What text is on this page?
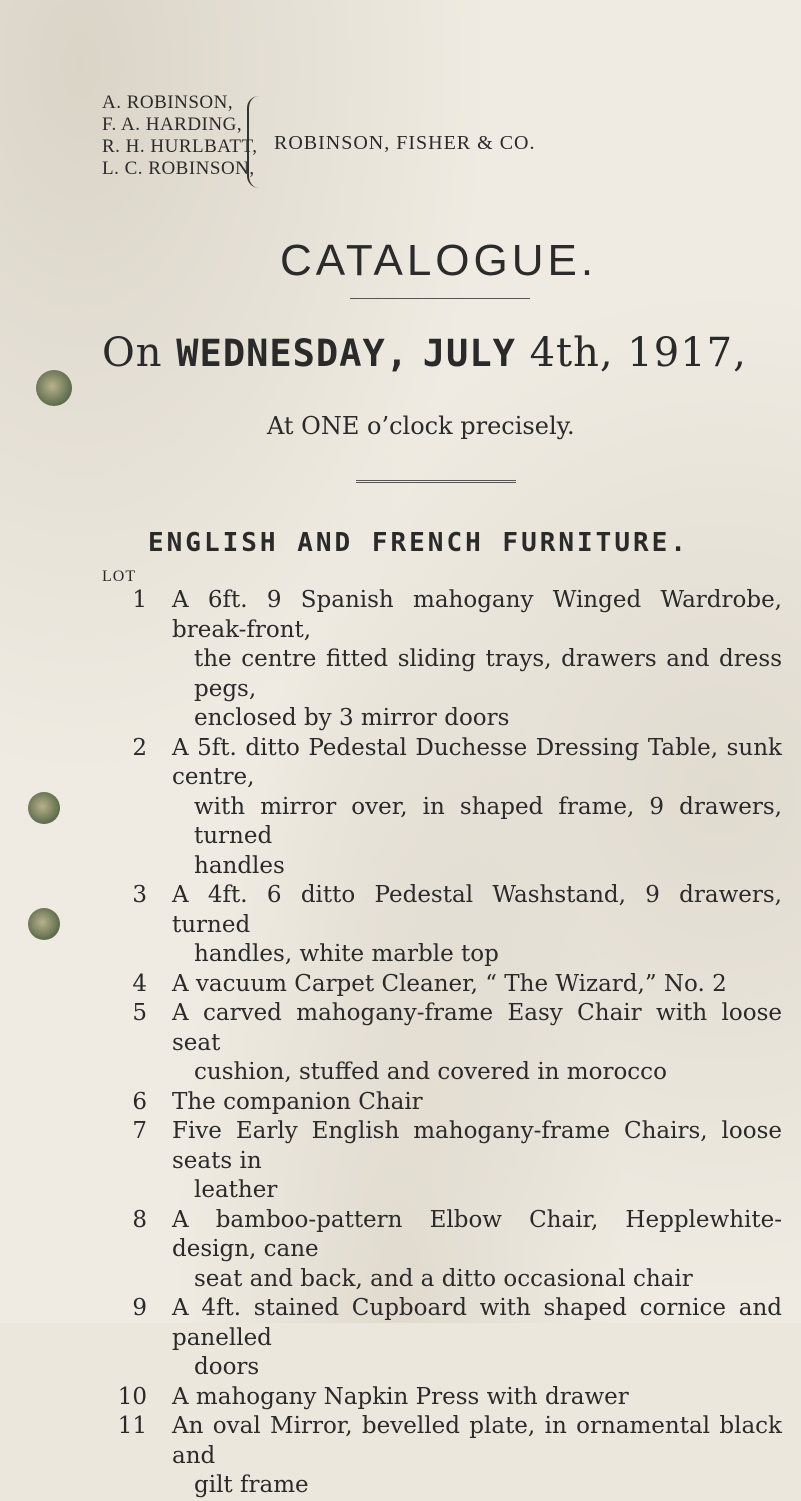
A. ROBINSON,
F. A. HARDING,
R. H. HURLBATT,
L. C. ROBINSON,
ROBINSON, FISHER & CO.
CATALOGUE.
On WEDNESDAY, JULY 4th, 1917,
At ONE o’clock precisely.
ENGLISH AND FRENCH FURNITURE.
LOT
1 A 6ft. 9 Spanish mahogany Winged Wardrobe, break-front,
the centre fitted sliding trays, drawers and dress pegs,
enclosed by 3 mirror doors
2 A 5ft. ditto Pedestal Duchesse Dressing Table, sunk centre,
with mirror over, in shaped frame, 9 drawers, turned
handles
3 A 4ft. 6 ditto Pedestal Washstand, 9 drawers, turned
handles, white marble top
4 A vacuum Carpet Cleaner, “ The Wizard,” No. 2
5 A carved mahogany-frame Easy Chair with loose seat
cushion, stuffed and covered in morocco
6 The companion Chair
7 Five Early English mahogany-frame Chairs, loose seats in
leather
8 A bamboo-pattern Elbow Chair, Hepplewhite-design, cane
seat and back, and a ditto occasional chair
9 A 4ft. stained Cupboard with shaped cornice and panelled
doors
10 A mahogany Napkin Press with drawer
11 An oval Mirror, bevelled plate, in ornamental black and
gilt frame
